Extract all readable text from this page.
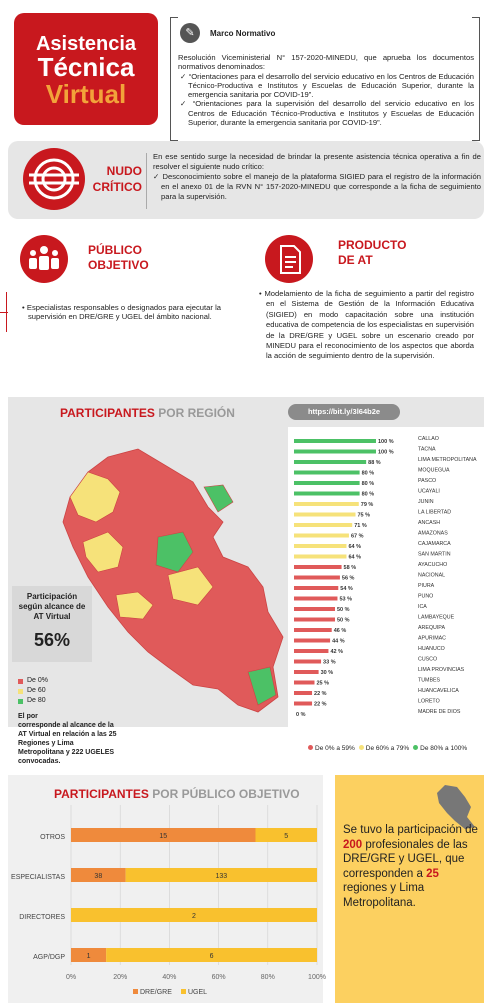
Asistencia
Técnica
Virtual
✎	Marco Normativo
Resolución Viceministerial N° 157-2020-MINEDU, que aprueba los documentos normativos denominados:
✓ “Orientaciones para el desarrollo del servicio educativo en los Centros de Educación Técnico-Productiva e Institutos y Escuelas de Educación Superior, durante la emergencia sanitaria por COVID-19”.
✓ “Orientaciones para la supervisión del desarrollo del servicio educativo en los Centros de Educación Técnico-Productiva e Institutos y Escuelas de Educación Superior, durante la emergencia sanitaria por COVID-19”.
NUDO
CRÍTICO
En ese sentido surge la necesidad de brindar la presente asistencia técnica operativa a fin de resolver el siguiente nudo crítico:
✓ Desconocimiento sobre el manejo de la plataforma SIGIED para el registro de la información en el anexo 01 de la RVN N° 157-2020-MINEDU que corresponde a la ficha de seguimiento para la supervisión.
PÚBLICO
OBJETIVO
• Especialistas responsables o designados para ejecutar la supervisión en DRE/GRE y UGEL del ámbito nacional.
PRODUCTO
DE AT
• Modelamiento de la ficha de seguimiento a partir del registro en el Sistema de Gestión de la Información Educativa (SIGIED) en modo capacitación sobre una institución educativa de competencia de los especialistas en supervisión de la DRE/GRE y UGEL sobre un escenario creado por MINEDU para el reconocimiento de los aspectos que aborda la acción de seguimiento dentro de la supervisión.
PARTICIPANTES POR REGIÓN	https://bit.ly/3l64b2e
Participación según alcance de AT Virtual
56%
De 0%
De 60
De 80
El por
corresponde al alcance de la AT Virtual en relación a las 25 Regiones y Lima Metropolitana y 222 UGELES convocadas.
100 %	CALLAO
100 %	TACNA
88 %	LIMA METROPOLITANA
80 %	MOQUEGUA
80 %	PASCO
80 %	UCAYALI
79 %	JUNIN
75 %	LA LIBERTAD
71 %	ANCASH
67 %	AMAZONAS
64 %	CAJAMARCA
64 %	SAN MARTIN
58 %	AYACUCHO
56 %	NACIONAL
54 %	PIURA
53 %	PUNO
50 %	ICA
50 %	LAMBAYEQUE
46 %	AREQUIPA
44 %	APURIMAC
42 %	HUANUCO
33 %	CUSCO
30 %	LIMA PROVINCIAS
25 %	TUMBES
22 %	HUANCAVELICA
22 %	LORETO
0 %	MADRE DE DIOS
De 0% a 59% De 60% a 79% De 80% a 100%
PARTICIPANTES POR PÚBLICO OBJETIVO
0%	20%	40%	60%	80%	100%
OTROS	15	5
ESPECIALISTAS	38	133
DIRECTORES	2
AGP/DGP	1	6
DRE/GRE UGEL
Se tuvo la participación de 200 profesionales de las DRE/GRE y UGEL, que corresponden a 25 regiones y Lima Metropolitana.
